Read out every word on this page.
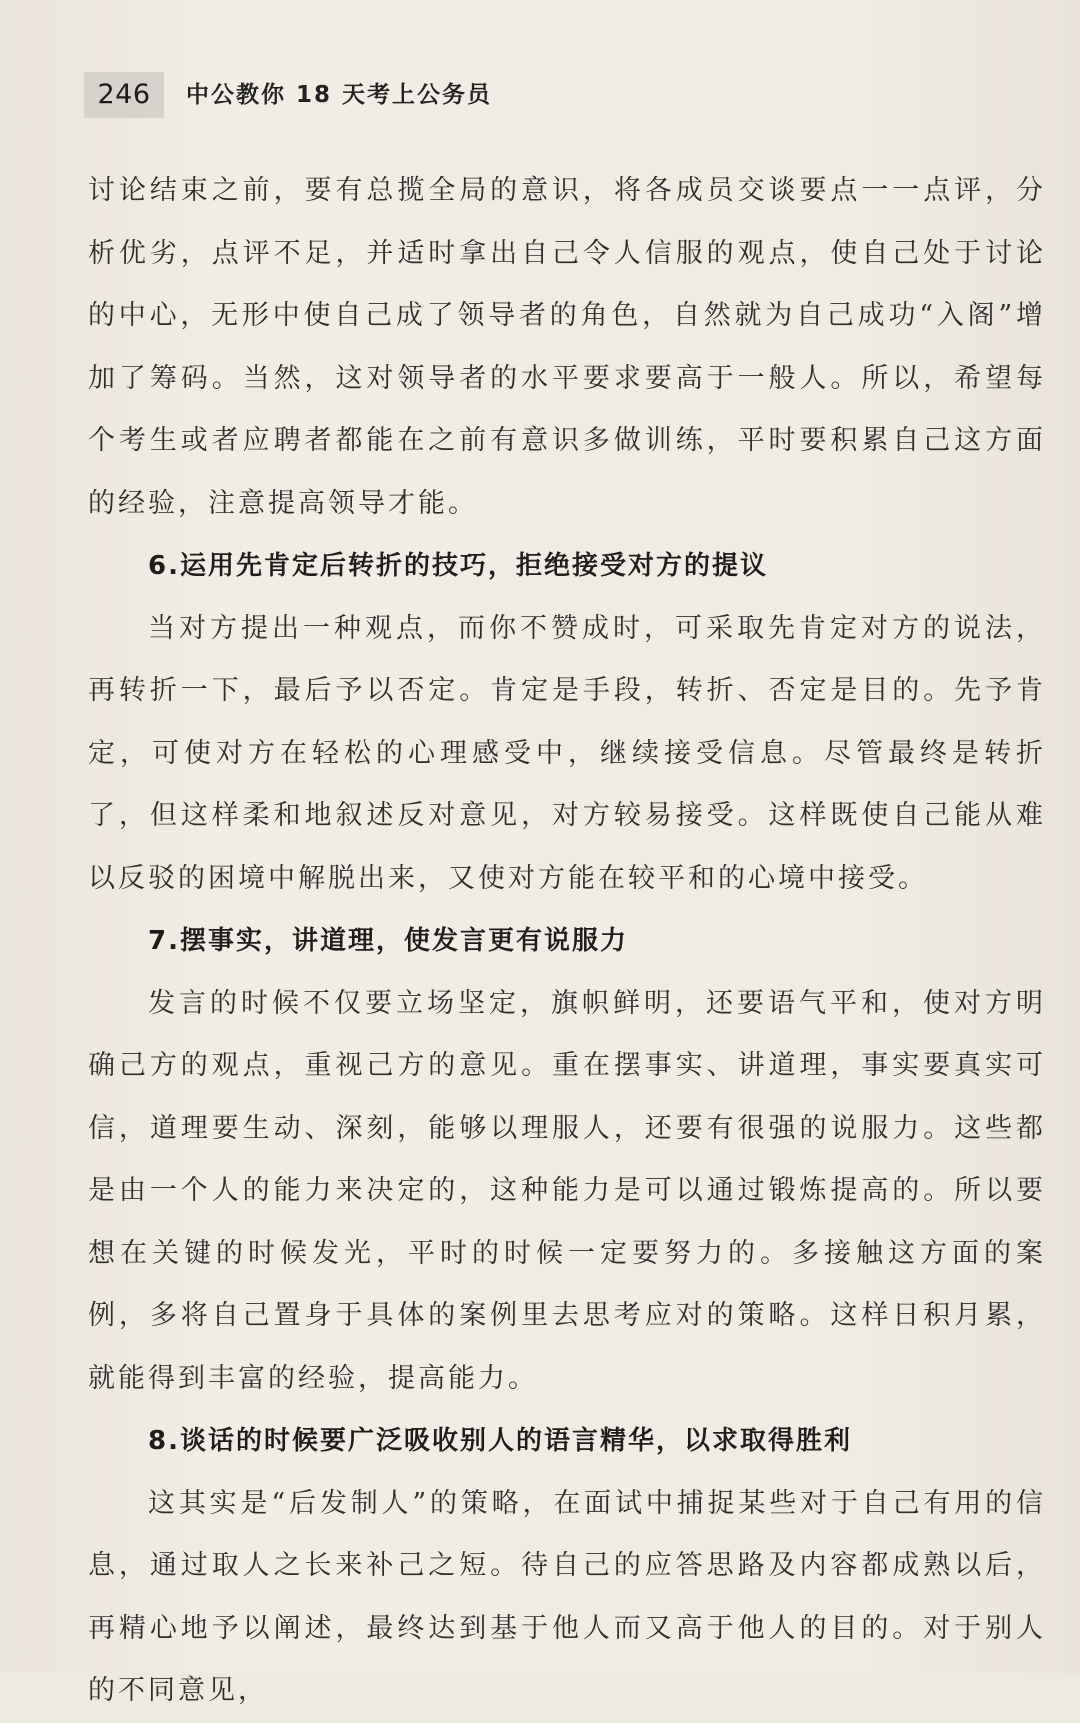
246	中公教你 18 天考上公务员

讨论结束之前，要有总揽全局的意识，将各成员交谈要点一一点评，分析优劣，点评不足，并适时拿出自己令人信服的观点，使自己处于讨论的中心，无形中使自己成了领导者的角色，自然就为自己成功“入阁”增加了筹码。当然，这对领导者的水平要求要高于一般人。所以，希望每个考生或者应聘者都能在之前有意识多做训练，平时要积累自己这方面的经验，注意提高领导才能。

6.运用先肯定后转折的技巧，拒绝接受对方的提议

当对方提出一种观点，而你不赞成时，可采取先肯定对方的说法，再转折一下，最后予以否定。肯定是手段，转折、否定是目的。先予肯定，可使对方在轻松的心理感受中，继续接受信息。尽管最终是转折了，但这样柔和地叙述反对意见，对方较易接受。这样既使自己能从难以反驳的困境中解脱出来，又使对方能在较平和的心境中接受。

7.摆事实，讲道理，使发言更有说服力

发言的时候不仅要立场坚定，旗帜鲜明，还要语气平和，使对方明确己方的观点，重视己方的意见。重在摆事实、讲道理，事实要真实可信，道理要生动、深刻，能够以理服人，还要有很强的说服力。这些都是由一个人的能力来决定的，这种能力是可以通过锻炼提高的。所以要想在关键的时候发光，平时的时候一定要努力的。多接触这方面的案例，多将自己置身于具体的案例里去思考应对的策略。这样日积月累，就能得到丰富的经验，提高能力。

8.谈话的时候要广泛吸收别人的语言精华，以求取得胜利

这其实是“后发制人”的策略，在面试中捕捉某些对于自己有用的信息，通过取人之长来补己之短。待自己的应答思路及内容都成熟以后，再精心地予以阐述，最终达到基于他人而又高于他人的目的。对于别人的不同意见，
